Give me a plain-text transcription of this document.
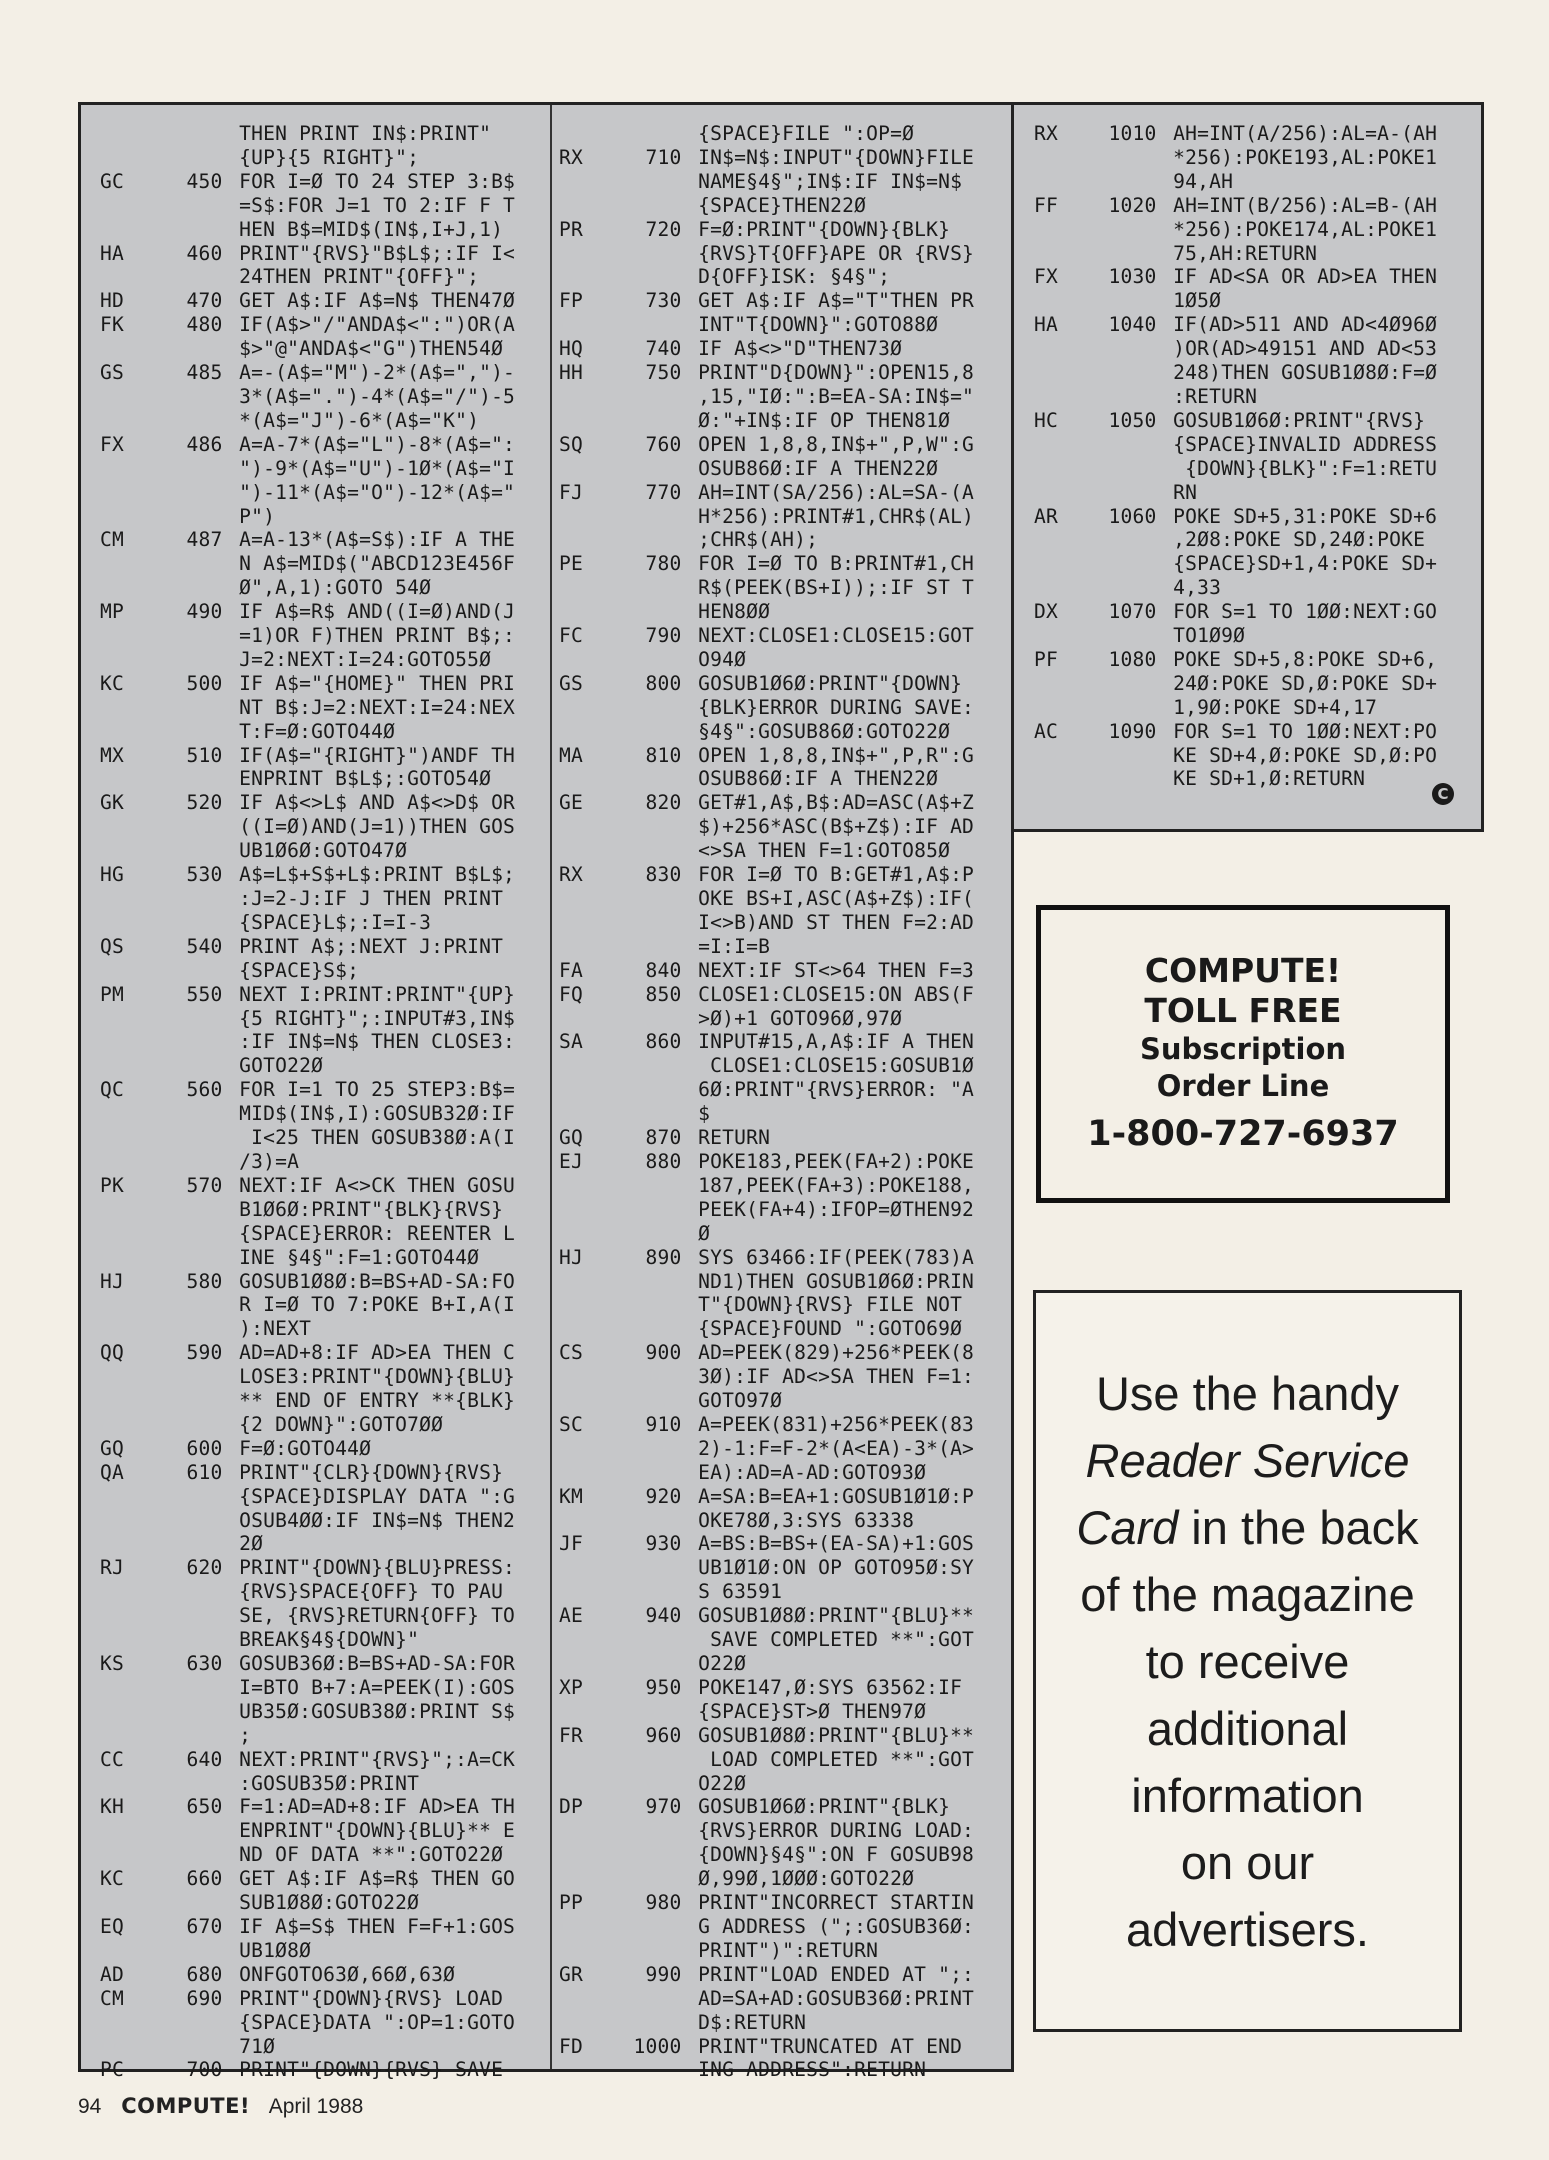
THEN PRINT IN$:PRINT"
{UP}{5 RIGHT}";
GC	450 FOR I=Ø TO 24 STEP 3:B$
=S$:FOR J=1 TO 2:IF F T
HEN B$=MID$(IN$,I+J,1)
HA	460 PRINT"{RVS}"B$L$;:IF I<
24THEN PRINT"{OFF}";
HD	470 GET A$:IF A$=N$ THEN47Ø
FK	480 IF(A$>"/"ANDA$<":")OR(A
$>"@"ANDA$<"G")THEN54Ø
GS	485 A=-(A$="M")-2*(A$=",")-
3*(A$=".")-4*(A$="/")-5
*(A$="J")-6*(A$="K")
FX	486 A=A-7*(A$="L")-8*(A$=":
")-9*(A$="U")-1Ø*(A$="I
")-11*(A$="O")-12*(A$="
P")
CM	487 A=A-13*(A$=S$):IF A THE
N A$=MID$("ABCD123E456F
Ø",A,1):GOTO 54Ø
MP	490 IF A$=R$ AND((I=Ø)AND(J
=1)OR F)THEN PRINT B$;:
J=2:NEXT:I=24:GOTO55Ø
KC	500 IF A$="{HOME}" THEN PRI
NT B$:J=2:NEXT:I=24:NEX
T:F=Ø:GOTO44Ø
MX	510 IF(A$="{RIGHT}")ANDF TH
ENPRINT B$L$;:GOTO54Ø
GK	520 IF A$<>L$ AND A$<>D$ OR
((I=Ø)AND(J=1))THEN GOS
UB1Ø6Ø:GOTO47Ø
HG	530 A$=L$+S$+L$:PRINT B$L$;
:J=2-J:IF J THEN PRINT
{SPACE}L$;:I=I-3
QS	540 PRINT A$;:NEXT J:PRINT
{SPACE}S$;
PM	550 NEXT I:PRINT:PRINT"{UP}
{5 RIGHT}";:INPUT#3,IN$
:IF IN$=N$ THEN CLOSE3:
GOTO22Ø
QC	560 FOR I=1 TO 25 STEP3:B$=
MID$(IN$,I):GOSUB32Ø:IF
I<25 THEN GOSUB38Ø:A(I
/3)=A
PK	570 NEXT:IF A<>CK THEN GOSU
B1Ø6Ø:PRINT"{BLK}{RVS}
{SPACE}ERROR: REENTER L
INE §4§":F=1:GOTO44Ø
HJ	580 GOSUB1Ø8Ø:B=BS+AD-SA:FO
R I=Ø TO 7:POKE B+I,A(I
):NEXT
QQ	590 AD=AD+8:IF AD>EA THEN C
LOSE3:PRINT"{DOWN}{BLU}
** END OF ENTRY **{BLK}
{2 DOWN}":GOTO7ØØ
GQ	600 F=Ø:GOTO44Ø
QA	610 PRINT"{CLR}{DOWN}{RVS}
{SPACE}DISPLAY DATA ":G
OSUB4ØØ:IF IN$=N$ THEN2
2Ø
RJ	620 PRINT"{DOWN}{BLU}PRESS:
{RVS}SPACE{OFF} TO PAU
SE, {RVS}RETURN{OFF} TO
BREAK§4§{DOWN}"
KS	630 GOSUB36Ø:B=BS+AD-SA:FOR
I=BTO B+7:A=PEEK(I):GOS
UB35Ø:GOSUB38Ø:PRINT S$
;
CC	640 NEXT:PRINT"{RVS}";:A=CK
:GOSUB35Ø:PRINT
KH	650 F=1:AD=AD+8:IF AD>EA TH
ENPRINT"{DOWN}{BLU}** E
ND OF DATA **":GOTO22Ø
KC	660 GET A$:IF A$=R$ THEN GO
SUB1Ø8Ø:GOTO22Ø
EQ	670 IF A$=S$ THEN F=F+1:GOS
UB1Ø8Ø
AD	680 ONFGOTO63Ø,66Ø,63Ø
CM	690 PRINT"{DOWN}{RVS} LOAD
{SPACE}DATA ":OP=1:GOTO
71Ø
PC	700 PRINT"{DOWN}{RVS} SAVE
{SPACE}FILE ":OP=Ø
RX	710 IN$=N$:INPUT"{DOWN}FILE
NAME§4§";IN$:IF IN$=N$
{SPACE}THEN22Ø
PR	720 F=Ø:PRINT"{DOWN}{BLK}
{RVS}T{OFF}APE OR {RVS}
D{OFF}ISK: §4§";
FP	730 GET A$:IF A$="T"THEN PR
INT"T{DOWN}":GOTO88Ø
HQ	740 IF A$<>"D"THEN73Ø
HH	750 PRINT"D{DOWN}":OPEN15,8
,15,"IØ:":B=EA-SA:IN$="
Ø:"+IN$:IF OP THEN81Ø
SQ	760 OPEN 1,8,8,IN$+",P,W":G
OSUB86Ø:IF A THEN22Ø
FJ	770 AH=INT(SA/256):AL=SA-(A
H*256):PRINT#1,CHR$(AL)
;CHR$(AH);
PE	780 FOR I=Ø TO B:PRINT#1,CH
R$(PEEK(BS+I));:IF ST T
HEN8ØØ
FC	790 NEXT:CLOSE1:CLOSE15:GOT
O94Ø
GS	800 GOSUB1Ø6Ø:PRINT"{DOWN}
{BLK}ERROR DURING SAVE:
§4§":GOSUB86Ø:GOTO22Ø
MA	810 OPEN 1,8,8,IN$+",P,R":G
OSUB86Ø:IF A THEN22Ø
GE	820 GET#1,A$,B$:AD=ASC(A$+Z
$)+256*ASC(B$+Z$):IF AD
<>SA THEN F=1:GOTO85Ø
RX	830 FOR I=Ø TO B:GET#1,A$:P
OKE BS+I,ASC(A$+Z$):IF(
I<>B)AND ST THEN F=2:AD
=I:I=B
FA	840 NEXT:IF ST<>64 THEN F=3
FQ	850 CLOSE1:CLOSE15:ON ABS(F
>Ø)+1 GOTO96Ø,97Ø
SA	860 INPUT#15,A,A$:IF A THEN
CLOSE1:CLOSE15:GOSUB1Ø
6Ø:PRINT"{RVS}ERROR: "A
$
GQ	870 RETURN
EJ	880 POKE183,PEEK(FA+2):POKE
187,PEEK(FA+3):POKE188,
PEEK(FA+4):IFOP=ØTHEN92
Ø
HJ	890 SYS 63466:IF(PEEK(783)A
ND1)THEN GOSUB1Ø6Ø:PRIN
T"{DOWN}{RVS} FILE NOT
{SPACE}FOUND ":GOTO69Ø
CS	900 AD=PEEK(829)+256*PEEK(8
3Ø):IF AD<>SA THEN F=1:
GOTO97Ø
SC	910 A=PEEK(831)+256*PEEK(83
2)-1:F=F-2*(A<EA)-3*(A>
EA):AD=A-AD:GOTO93Ø
KM	920 A=SA:B=EA+1:GOSUB1Ø1Ø:P
OKE78Ø,3:SYS 63338
JF	930 A=BS:B=BS+(EA-SA)+1:GOS
UB1Ø1Ø:ON OP GOTO95Ø:SY
S 63591
AE	940 GOSUB1Ø8Ø:PRINT"{BLU}**
SAVE COMPLETED **":GOT
O22Ø
XP	950 POKE147,Ø:SYS 63562:IF
{SPACE}ST>Ø THEN97Ø
FR	960 GOSUB1Ø8Ø:PRINT"{BLU}**
LOAD COMPLETED **":GOT
O22Ø
DP	970 GOSUB1Ø6Ø:PRINT"{BLK}
{RVS}ERROR DURING LOAD:
{DOWN}§4§":ON F GOSUB98
Ø,99Ø,1ØØØ:GOTO22Ø
PP	980 PRINT"INCORRECT STARTIN
G ADDRESS (";:GOSUB36Ø:
PRINT")":RETURN
GR	990 PRINT"LOAD ENDED AT ";:
AD=SA+AD:GOSUB36Ø:PRINT
D$:RETURN
FD	1000 PRINT"TRUNCATED AT END
ING ADDRESS":RETURN
RX	1010 AH=INT(A/256):AL=A-(AH
*256):POKE193,AL:POKE1
94,AH
FF	1020 AH=INT(B/256):AL=B-(AH
*256):POKE174,AL:POKE1
75,AH:RETURN
FX	1030 IF AD<SA OR AD>EA THEN
1Ø5Ø
HA	1040 IF(AD>511 AND AD<4Ø96Ø
)OR(AD>49151 AND AD<53
248)THEN GOSUB1Ø8Ø:F=Ø
:RETURN
HC	1050 GOSUB1Ø6Ø:PRINT"{RVS}
{SPACE}INVALID ADDRESS
{DOWN}{BLK}":F=1:RETU
RN
AR	1060 POKE SD+5,31:POKE SD+6
,2Ø8:POKE SD,24Ø:POKE
{SPACE}SD+1,4:POKE SD+
4,33
DX	1070 FOR S=1 TO 1ØØ:NEXT:GO
TO1Ø9Ø
PF	1080 POKE SD+5,8:POKE SD+6,
24Ø:POKE SD,Ø:POKE SD+
1,9Ø:POKE SD+4,17
AC	1090 FOR S=1 TO 1ØØ:NEXT:PO
KE SD+4,Ø:POKE SD,Ø:PO
KE SD+1,Ø:RETURN
C
COMPUTE!
TOLL FREE
Subscription
Order Line
1-800-727-6937
Use the handy
Reader Service
Card in the back
of the magazine
to receive
additional
information
on our
advertisers.
94 COMPUTE! April 1988
